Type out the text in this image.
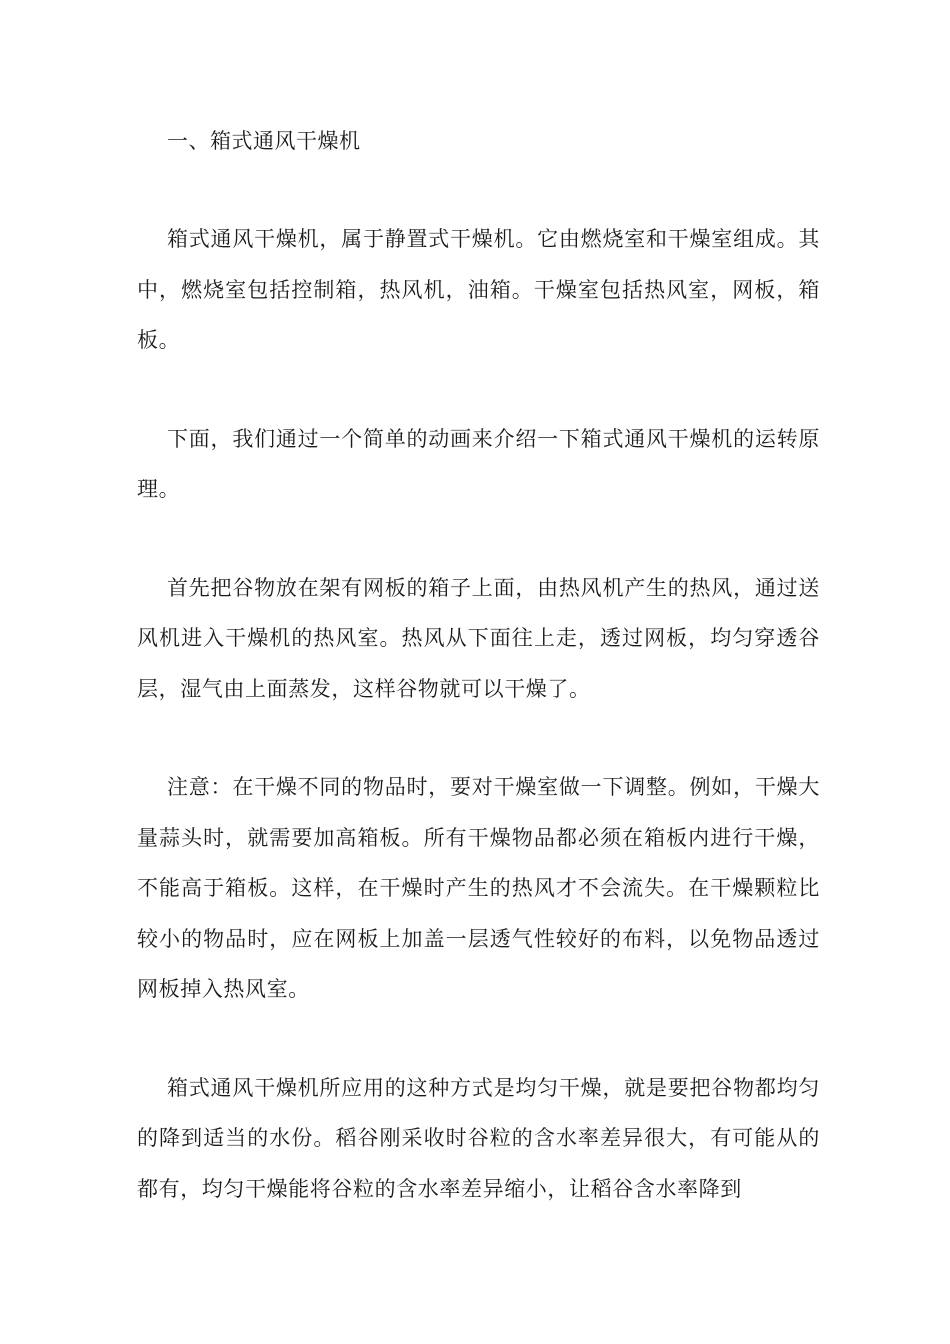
一、箱式通风干燥机

箱式通风干燥机，属于静置式干燥机。它由燃烧室和干燥室组成。其中，燃烧室包括控制箱，热风机，油箱。干燥室包括热风室，网板，箱板。

下面，我们通过一个简单的动画来介绍一下箱式通风干燥机的运转原理。

首先把谷物放在架有网板的箱子上面，由热风机产生的热风，通过送风机进入干燥机的热风室。热风从下面往上走，透过网板，均匀穿透谷层，湿气由上面蒸发，这样谷物就可以干燥了。

注意：在干燥不同的物品时，要对干燥室做一下调整。例如，干燥大量蒜头时，就需要加高箱板。所有干燥物品都必须在箱板内进行干燥，不能高于箱板。这样，在干燥时产生的热风才不会流失。在干燥颗粒比较小的物品时，应在网板上加盖一层透气性较好的布料，以免物品透过网板掉入热风室。

箱式通风干燥机所应用的这种方式是均匀干燥，就是要把谷物都均匀的降到适当的水份。稻谷刚采收时谷粒的含水率差异很大，有可能从的都有，均匀干燥能将谷粒的含水率差异缩小，让稻谷含水率降到
